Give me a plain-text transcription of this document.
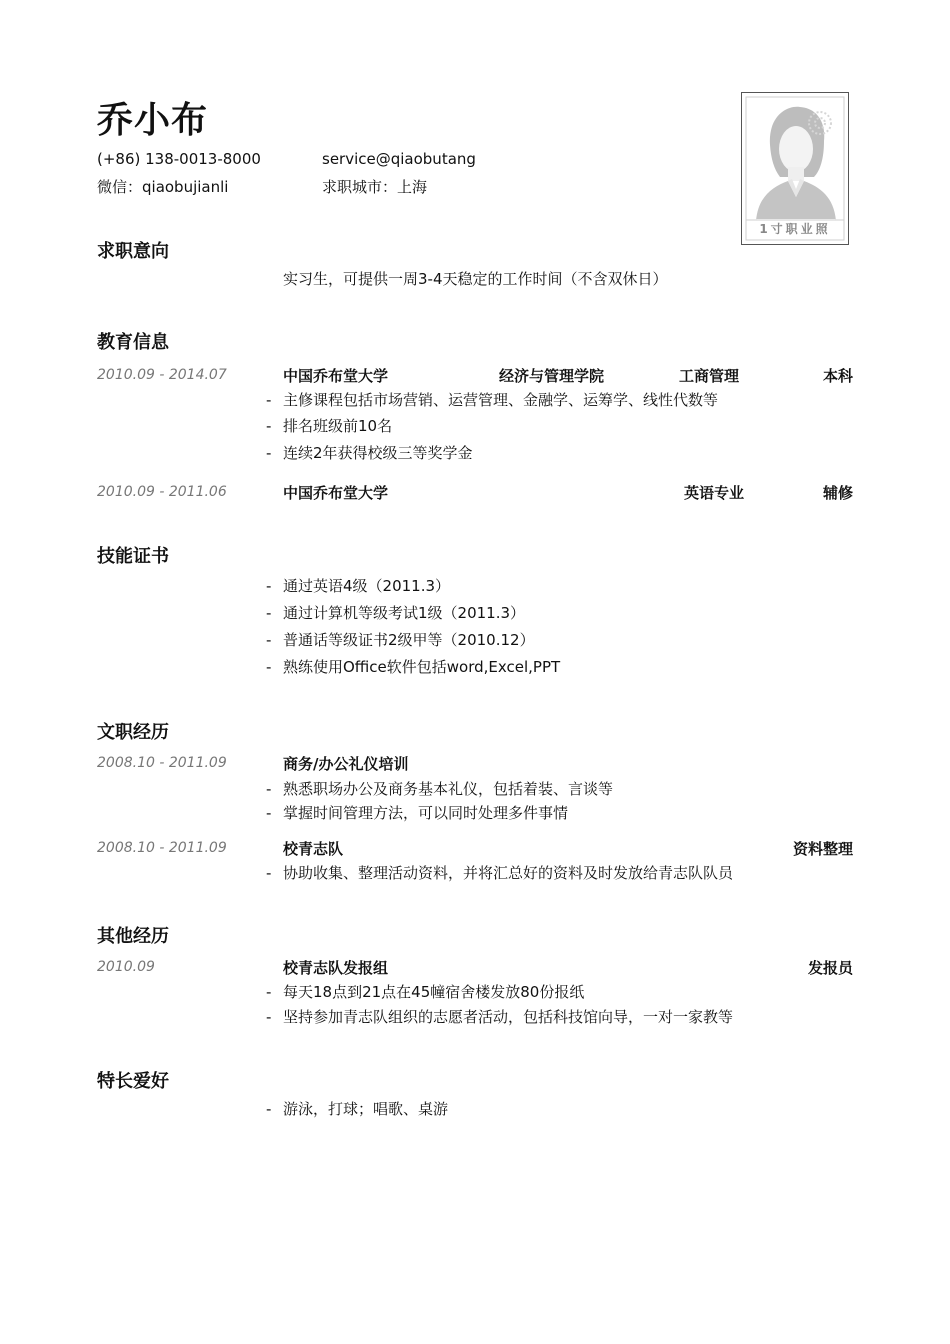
乔小布
(+86) 138-0013-8000	service@qiaobutang
微信：qiaobujianli	求职城市：上海
1寸职业照
求职意向
实习生，可提供一周3-4天稳定的工作时间（不含双休日）
教育信息
2010.09 - 2014.07	中国乔布堂大学	经济与管理学院	工商管理	本科
- 主修课程包括市场营销、运营管理、金融学、运筹学、线性代数等
- 排名班级前10名
- 连续2年获得校级三等奖学金
2010.09 - 2011.06	中国乔布堂大学	英语专业	辅修
技能证书
- 通过英语4级（2011.3）
- 通过计算机等级考试1级（2011.3）
- 普通话等级证书2级甲等（2010.12）
- 熟练使用Office软件包括word,Excel,PPT
文职经历
2008.10 - 2011.09	商务/办公礼仪培训
- 熟悉职场办公及商务基本礼仪，包括着装、言谈等
- 掌握时间管理方法，可以同时处理多件事情
2008.10 - 2011.09	校青志队	资料整理
- 协助收集、整理活动资料，并将汇总好的资料及时发放给青志队队员
其他经历
2010.09	校青志队发报组	发报员
- 每天18点到21点在45幢宿舍楼发放80份报纸
- 坚持参加青志队组织的志愿者活动，包括科技馆向导，一对一家教等
特长爱好
- 游泳，打球；唱歌、桌游
